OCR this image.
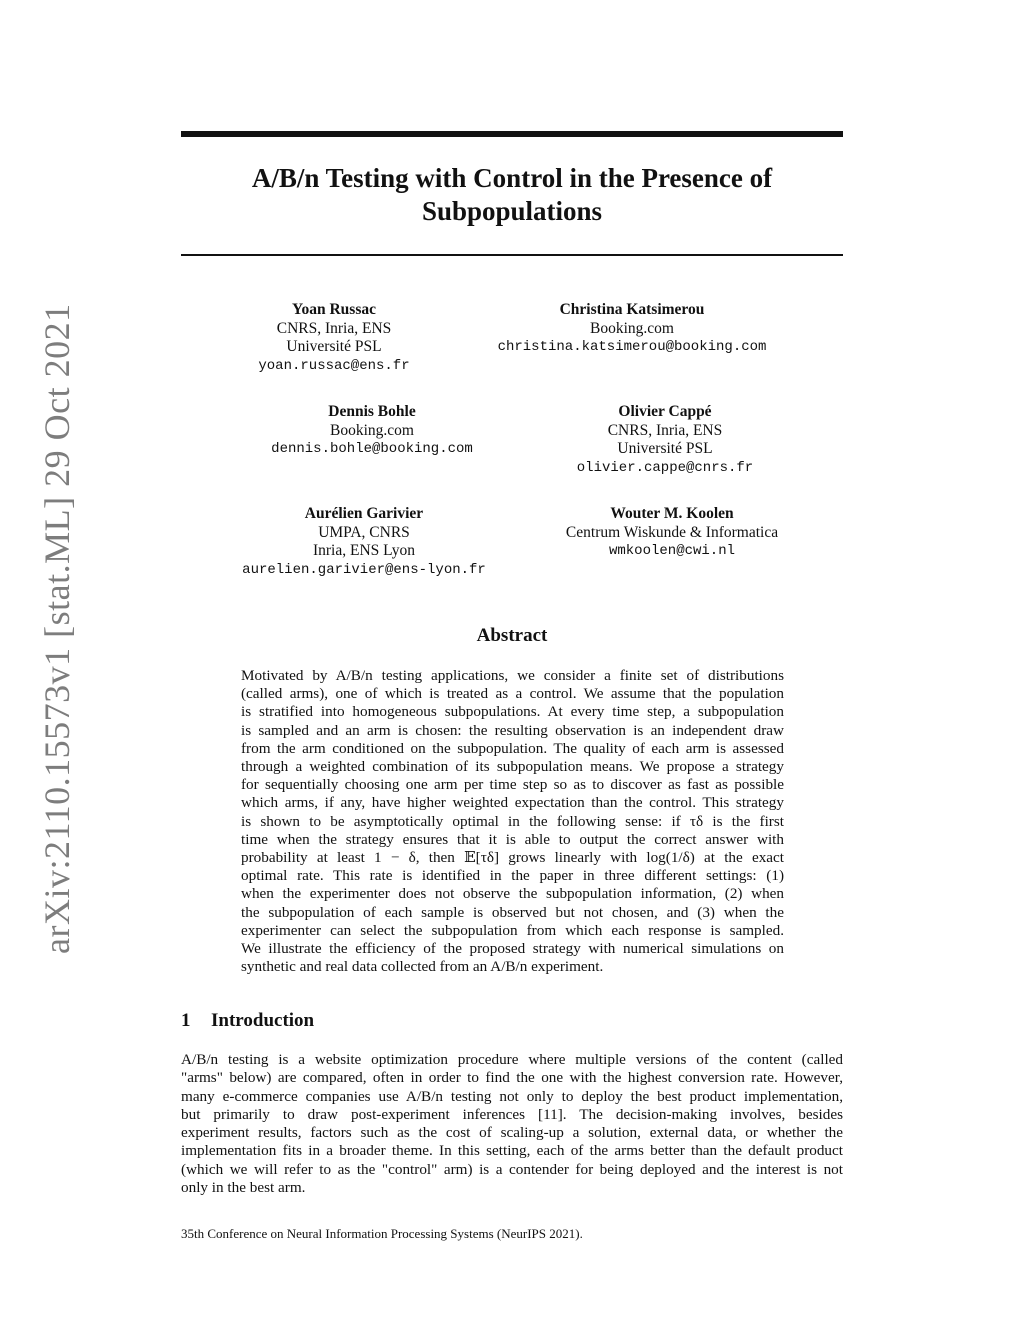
arXiv:2110.15573v1 [stat.ML] 29 Oct 2021
A/B/n Testing with Control in the Presence of
Subpopulations
Yoan Russac
CNRS, Inria, ENS
Université PSL
yoan.russac@ens.fr
Christina Katsimerou
Booking.com
christina.katsimerou@booking.com
Dennis Bohle
Booking.com
dennis.bohle@booking.com
Olivier Cappé
CNRS, Inria, ENS
Université PSL
olivier.cappe@cnrs.fr
Aurélien Garivier
UMPA, CNRS
Inria, ENS Lyon
aurelien.garivier@ens-lyon.fr
Wouter M. Koolen
Centrum Wiskunde & Informatica
wmkoolen@cwi.nl
Abstract
Motivated by A/B/n testing applications, we consider a finite set of distributions
(called arms), one of which is treated as a control. We assume that the population
is stratified into homogeneous subpopulations. At every time step, a subpopulation
is sampled and an arm is chosen: the resulting observation is an independent draw
from the arm conditioned on the subpopulation. The quality of each arm is assessed
through a weighted combination of its subpopulation means. We propose a strategy
for sequentially choosing one arm per time step so as to discover as fast as possible
which arms, if any, have higher weighted expectation than the control. This strategy
is shown to be asymptotically optimal in the following sense: if τδ is the first
time when the strategy ensures that it is able to output the correct answer with
probability at least 1 − δ, then 𝔼[τδ] grows linearly with log(1/δ) at the exact
optimal rate. This rate is identified in the paper in three different settings: (1)
when the experimenter does not observe the subpopulation information, (2) when
the subpopulation of each sample is observed but not chosen, and (3) when the
experimenter can select the subpopulation from which each response is sampled.
We illustrate the efficiency of the proposed strategy with numerical simulations on
synthetic and real data collected from an A/B/n experiment.
1 Introduction
A/B/n testing is a website optimization procedure where multiple versions of the content (called
"arms" below) are compared, often in order to find the one with the highest conversion rate. However,
many e-commerce companies use A/B/n testing not only to deploy the best product implementation,
but primarily to draw post-experiment inferences [11]. The decision-making involves, besides
experiment results, factors such as the cost of scaling-up a solution, external data, or whether the
implementation fits in a broader theme. In this setting, each of the arms better than the default product
(which we will refer to as the "control" arm) is a contender for being deployed and the interest is not
only in the best arm.
35th Conference on Neural Information Processing Systems (NeurIPS 2021).
